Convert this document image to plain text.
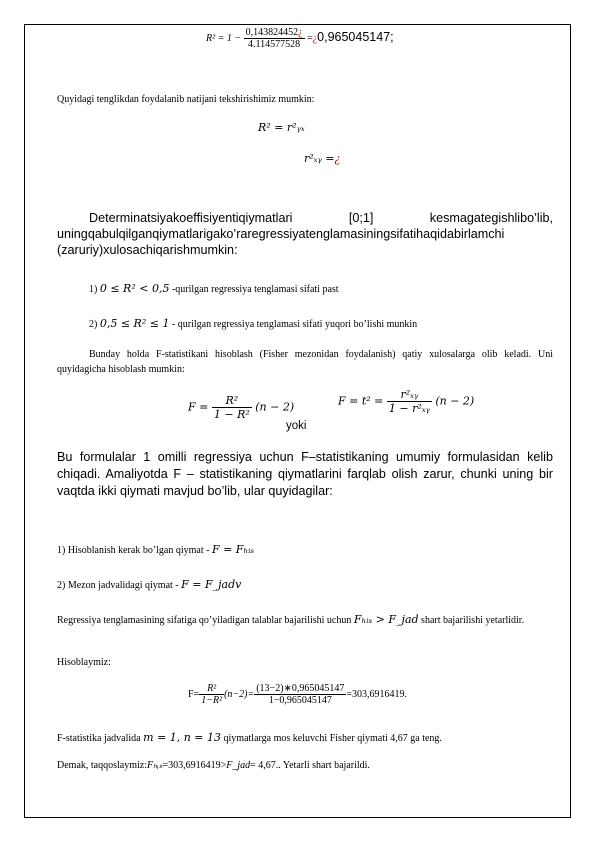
$R^2 = 1 - \frac{0,143824452¿}{4.114577528}$ =¿0,965045147;
Quyidagi tenglikdan foydalanib natijani tekshirishimiz mumkin:
R² = r²ᵧₓ
r²ₓᵧ =¿
Determinatsiyakoeffisiyentiqiymatlari [0;1] kesmagategishlibo’lib, uningqabulqilganqiymatlarigako’raregressiyatenglamasiningsifatihaqidabirlamchi (zaruriy)xulosachiqarishmumkin:
1) 0 ≤ R² < 0,5 -qurilgan regressiya tenglamasi sifati past
2) 0,5 ≤ R² ≤ 1 - qurilgan regressiya tenglamasi sifati yuqori bo’lishi munkin
Bunday holda F-statistikani hisoblash (Fisher mezonidan foydalanish) qatiy xulosalarga olib keladi. Uni quyidagicha hisoblash mumkin:
$F = \frac{\text{R²}}{\text{1 − R²}} (n - 2)$
yoki
$F = t^2 = \frac{\text{r²ₓᵧ}}{\text{1 − r²ₓᵧ}} (n - 2)$
Bu formulalar 1 omilli regressiya uchun F–statistikaning umumiy formulasidan kelib chiqadi. Amaliyotda F – statistikaning qiymatlarini farqlab olish zarur, chunki uning bir vaqtda ikki qiymati mavjud bo’lib, ular quyidagilar:
1) Hisoblanish kerak bo’lgan qiymat - F = Fₕᵢₛ
2) Mezon jadvalidagi qiymat - F = F_jadv
Regressiya tenglamasining sifatiga qo’yiladigan talablar bajarilishi uchun Fₕᵢₛ > F_jad shart bajarilishi yetarlidir.
Hisoblaymiz:
$F= \frac{\text{R²}}{\text{1−R²}} (n-2)= \frac{(13-2)∗0,965045147}{1-0,965045147} =303,6916419$.
F-statistika jadvalida m = 1, n = 13 qiymatlarga mos keluvchi Fisher qiymati 4,67 ga teng.
Demak, taqqoslaymiz:Fₕᵢₛ=303,6916419>F_jad= 4,67.. Yetarli shart bajarildi.
